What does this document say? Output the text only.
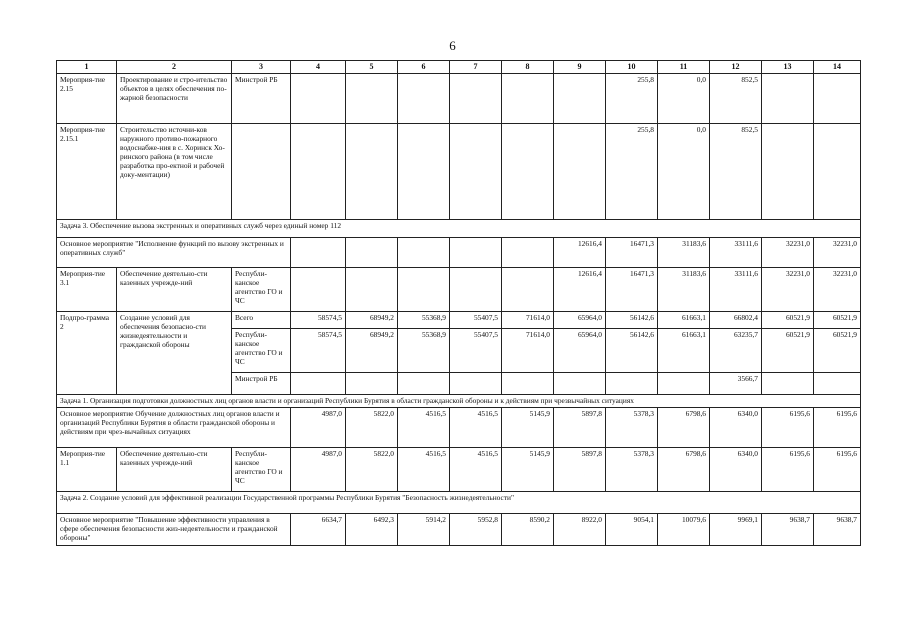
6
1	2	3	4	5	6	7	8	9	10	11	12	13	14
Мероприя-тие 2.15	Проектирование и стро-ительство объектов в целях обеспечения по-жарной безопасности	Минстрой РБ							255,8	0,0	852,5		
Мероприя-тие 2.15.1	Строительство источни-ков наружного противо-пожарного водоснабже-ния в с. Хоринск Хо-ринского района (в том числе разработка про-ектной и рабочей доку-ментации)								255,8	0,0	852,5		
Задача 3. Обеспечение вызова экстренных и оперативных служб через единый номер 112													
Основное мероприятие "Исполнение функций по вызову экстренных и оперативных служб"								12616,4	16471,3	31183,6	33111,6	32231,0	32231,0
Мероприя-тие 3.1	Обеспечение деятельно-сти казенных учрежде-ний	Республи-канское агентство ГО и ЧС						12616,4	16471,3	31183,6	33111,6	32231,0	32231,0
Подпро-грамма 2	Создание условий для обеспечения безопасно-сти жизнедеятельности и гражданской обороны	Всего	58574,5	68949,2	55368,9	55407,5	71614,0	65964,0	56142,6	61663,1	66802,4	60521,9	60521,9
		Республи-канское агентство ГО и ЧС	58574,5	68949,2	55368,9	55407,5	71614,0	65964,0	56142,6	61663,1	63235,7	60521,9	60521,9
		Минстрой РБ									3566,7		
Задача 1. Организация подготовки должностных лиц органов власти и организаций Республики Бурятия в области гражданской обороны и к действиям при чрезвычайных ситуациях													
Основное мероприятие Обучение должностных лиц органов власти и организаций Республики Бурятия в области гражданской обороны и действиям при чрез-вычайных ситуациях			4987,0	5822,0	4516,5	4516,5	5145,9	5897,8	5378,3	6798,6	6340,0	6195,6	6195,6
Мероприя-тие 1.1	Обеспечение деятельно-сти казенных учрежде-ний	Республи-канское агентство ГО и ЧС	4987,0	5822,0	4516,5	4516,5	5145,9	5897,8	5378,3	6798,6	6340,0	6195,6	6195,6
Задача 2. Создание условий для эффективной реализации Государственной программы Республики Бурятия "Безопасность жизнедеятельности"													
Основное мероприятие "Повышение эффективности управления в сфере обеспечения безопасности жиз-недеятельности и гражданской обороны"			6634,7	6492,3	5914,2	5952,8	8590,2	8922,0	9054,1	10079,6	9969,1	9638,7	9638,7
